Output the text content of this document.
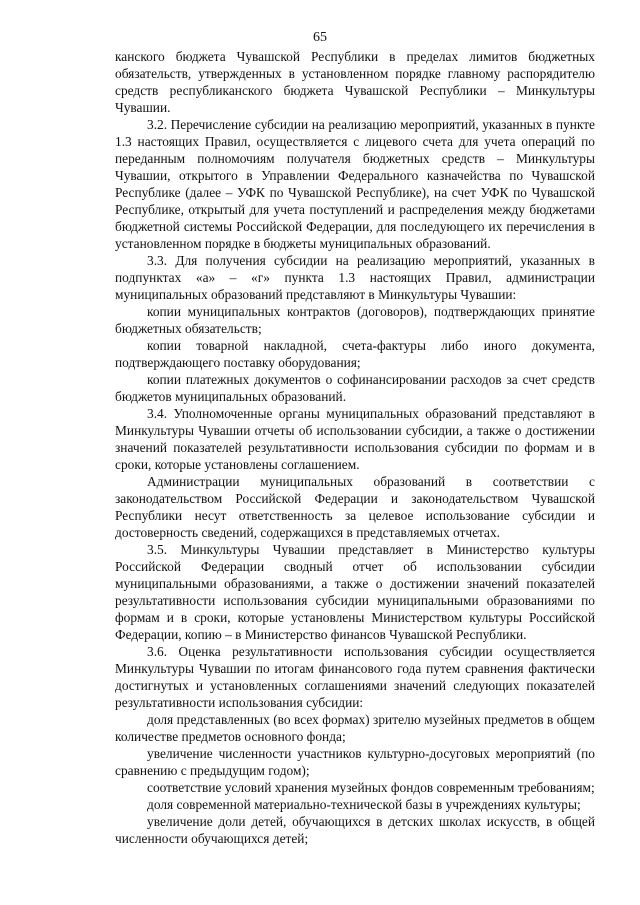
65

канского бюджета Чувашской Республики в пределах лимитов бюджетных обязательств, утвержденных в установленном порядке главному распорядителю средств республиканского бюджета Чувашской Республики – Минкультуры Чувашии.

3.2. Перечисление субсидии на реализацию мероприятий, указанных в пункте 1.3 настоящих Правил, осуществляется с лицевого счета для учета операций по переданным полномочиям получателя бюджетных средств – Минкультуры Чувашии, открытого в Управлении Федерального казначейства по Чувашской Республике (далее – УФК по Чувашской Республике), на счет УФК по Чувашской Республике, открытый для учета поступлений и распределения между бюджетами бюджетной системы Российской Федерации, для последующего их перечисления в установленном порядке в бюджеты муниципальных образований.

3.3. Для получения субсидии на реализацию мероприятий, указанных в подпунктах «а» – «г» пункта 1.3 настоящих Правил, администрации муниципальных образований представляют в Минкультуры Чувашии:

копии муниципальных контрактов (договоров), подтверждающих принятие бюджетных обязательств;

копии товарной накладной, счета-фактуры либо иного документа, подтверждающего поставку оборудования;

копии платежных документов о софинансировании расходов за счет средств бюджетов муниципальных образований.

3.4. Уполномоченные органы муниципальных образований представляют в Минкультуры Чувашии отчеты об использовании субсидии, а также о достижении значений показателей результативности использования субсидии по формам и в сроки, которые установлены соглашением.

Администрации муниципальных образований в соответствии с законодательством Российской Федерации и законодательством Чувашской Республики несут ответственность за целевое использование субсидии и достоверность сведений, содержащихся в представляемых отчетах.

3.5. Минкультуры Чувашии представляет в Министерство культуры Российской Федерации сводный отчет об использовании субсидии муниципальными образованиями, а также о достижении значений показателей результативности использования субсидии муниципальными образованиями по формам и в сроки, которые установлены Министерством культуры Российской Федерации, копию – в Министерство финансов Чувашской Республики.

3.6. Оценка результативности использования субсидии осуществляется Минкультуры Чувашии по итогам финансового года путем сравнения фактически достигнутых и установленных соглашениями значений следующих показателей результативности использования субсидии:

доля представленных (во всех формах) зрителю музейных предметов в общем количестве предметов основного фонда;

увеличение численности участников культурно-досуговых мероприятий (по сравнению с предыдущим годом);

соответствие условий хранения музейных фондов современным требованиям;

доля современной материально-технической базы в учреждениях культуры;

увеличение доли детей, обучающихся в детских школах искусств, в общей численности обучающихся детей;
